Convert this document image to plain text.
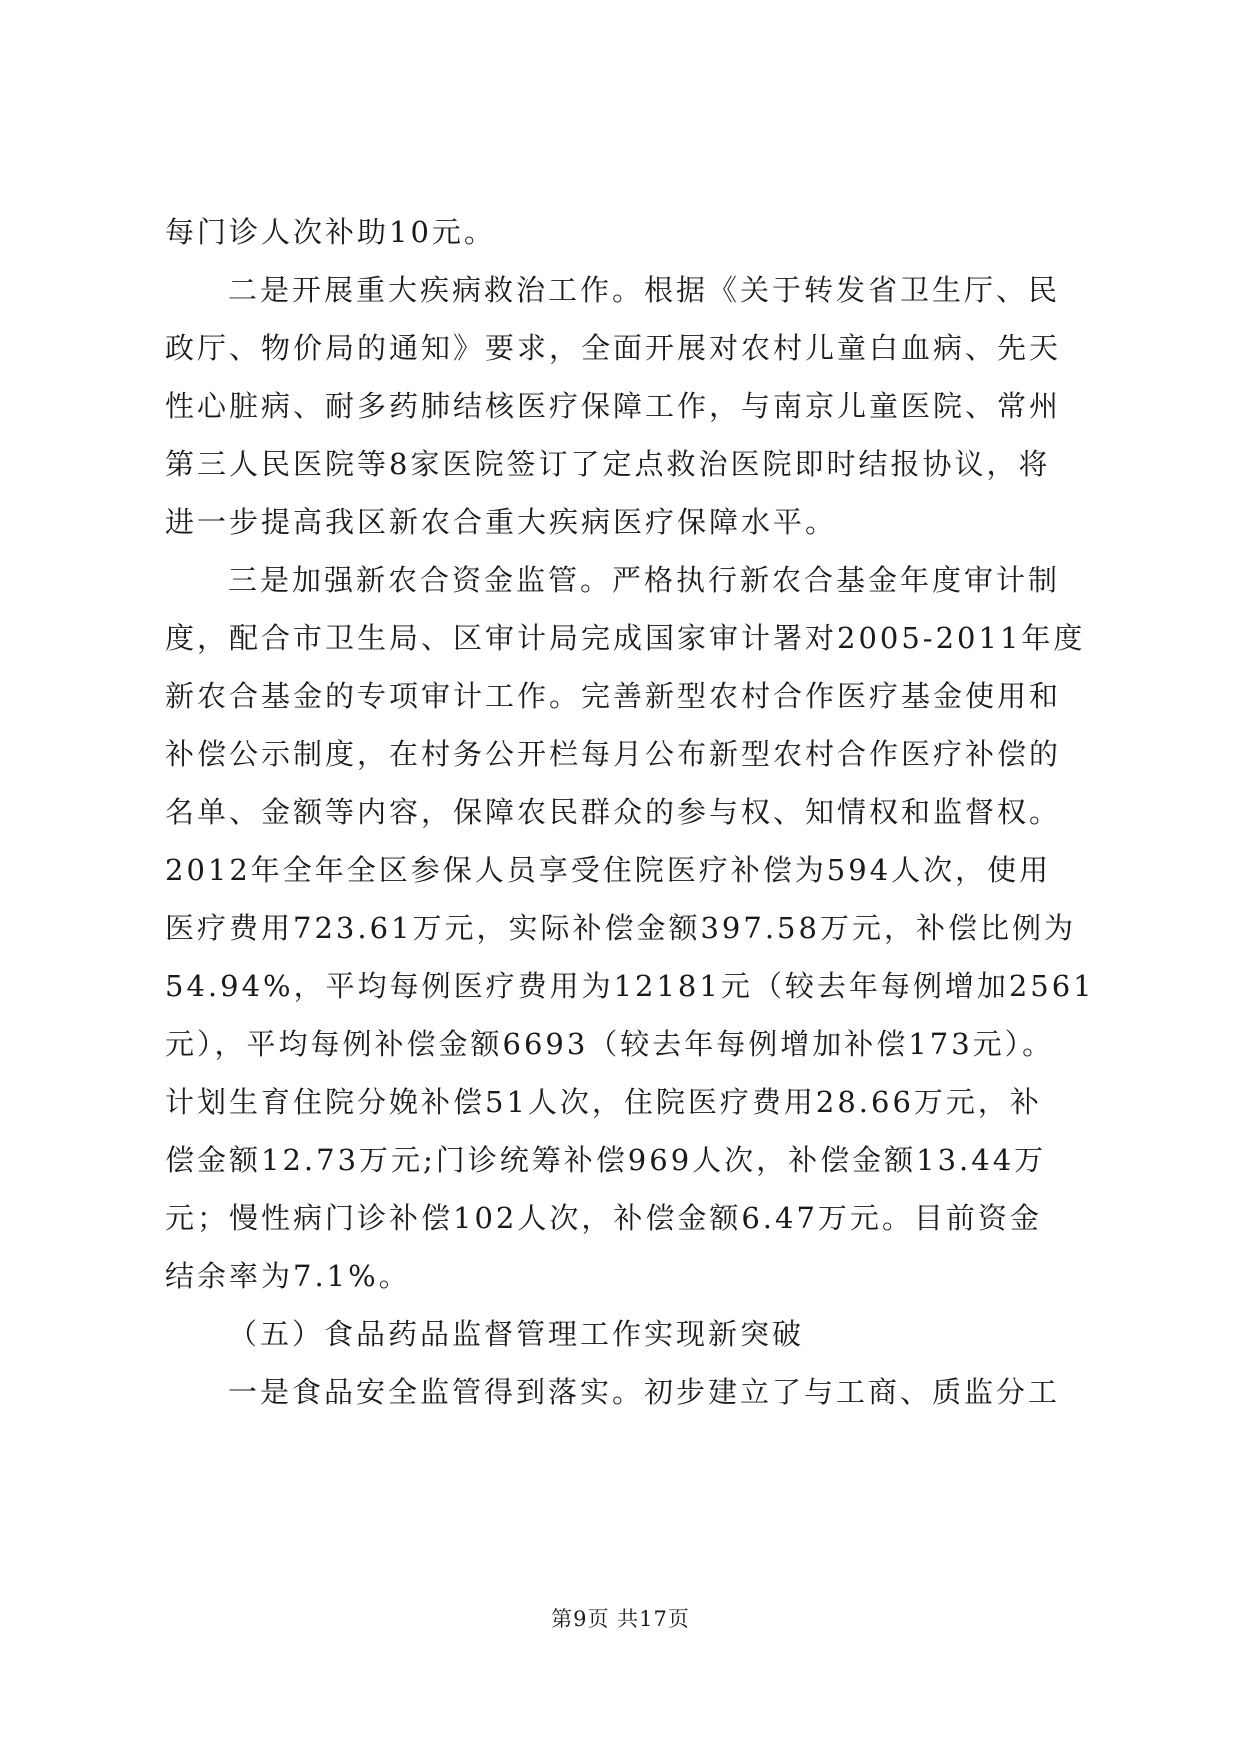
每门诊人次补助10元。
二是开展重大疾病救治工作。根据《关于转发省卫生厅、民
政厅、物价局的通知》要求，全面开展对农村儿童白血病、先天
性心脏病、耐多药肺结核医疗保障工作，与南京儿童医院、常州
第三人民医院等8家医院签订了定点救治医院即时结报协议，将
进一步提高我区新农合重大疾病医疗保障水平。
三是加强新农合资金监管。严格执行新农合基金年度审计制
度，配合市卫生局、区审计局完成国家审计署对2005-2011年度
新农合基金的专项审计工作。完善新型农村合作医疗基金使用和
补偿公示制度，在村务公开栏每月公布新型农村合作医疗补偿的
名单、金额等内容，保障农民群众的参与权、知情权和监督权。
2012年全年全区参保人员享受住院医疗补偿为594人次，使用
医疗费用723.61万元，实际补偿金额397.58万元，补偿比例为
54.94%，平均每例医疗费用为12181元（较去年每例增加2561
元），平均每例补偿金额6693（较去年每例增加补偿173元）。
计划生育住院分娩补偿51人次，住院医疗费用28.66万元，补
偿金额12.73万元;门诊统筹补偿969人次，补偿金额13.44万
元；慢性病门诊补偿102人次，补偿金额6.47万元。目前资金
结余率为7.1%。
（五）食品药品监督管理工作实现新突破
一是食品安全监管得到落实。初步建立了与工商、质监分工
第9页 共17页
